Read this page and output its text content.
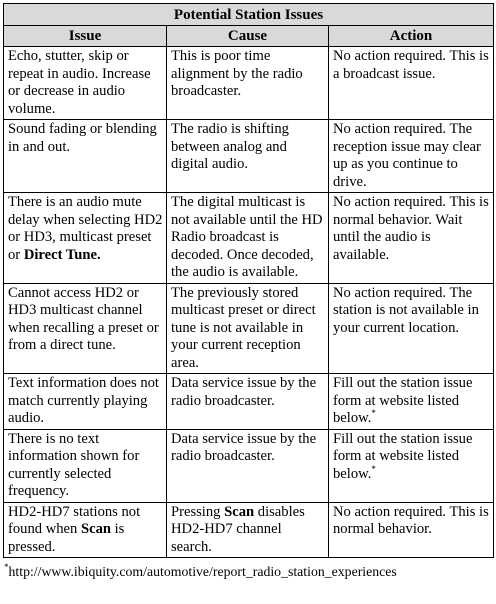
Potential Station Issues		
Issue	Cause	Action
Echo, stutter, skip or repeat in audio. Increase or decrease in audio volume.	This is poor time alignment by the radio broadcaster.	No action required. This is a broadcast issue.
Sound fading or blending in and out.	The radio is shifting between analog and digital audio.	No action required. The reception issue may clear up as you continue to drive.
There is an audio mute delay when selecting HD2 or HD3, multicast preset or Direct Tune.	The digital multicast is not available until the HD Radio broadcast is decoded. Once decoded, the audio is available.	No action required. This is normal behavior. Wait until the audio is available.
Cannot access HD2 or HD3 multicast channel when recalling a preset or from a direct tune.	The previously stored multicast preset or direct tune is not available in your current reception area.	No action required. The station is not available in your current location.
Text information does not match currently playing audio.	Data service issue by the radio broadcaster.	Fill out the station issue form at website listed below.*
There is no text information shown for currently selected frequency.	Data service issue by the radio broadcaster.	Fill out the station issue form at website listed below.*
HD2-HD7 stations not found when Scan is pressed.	Pressing Scan disables HD2-HD7 channel search.	No action required. This is normal behavior.
*http://www.ibiquity.com/automotive/report_radio_station_experiences
